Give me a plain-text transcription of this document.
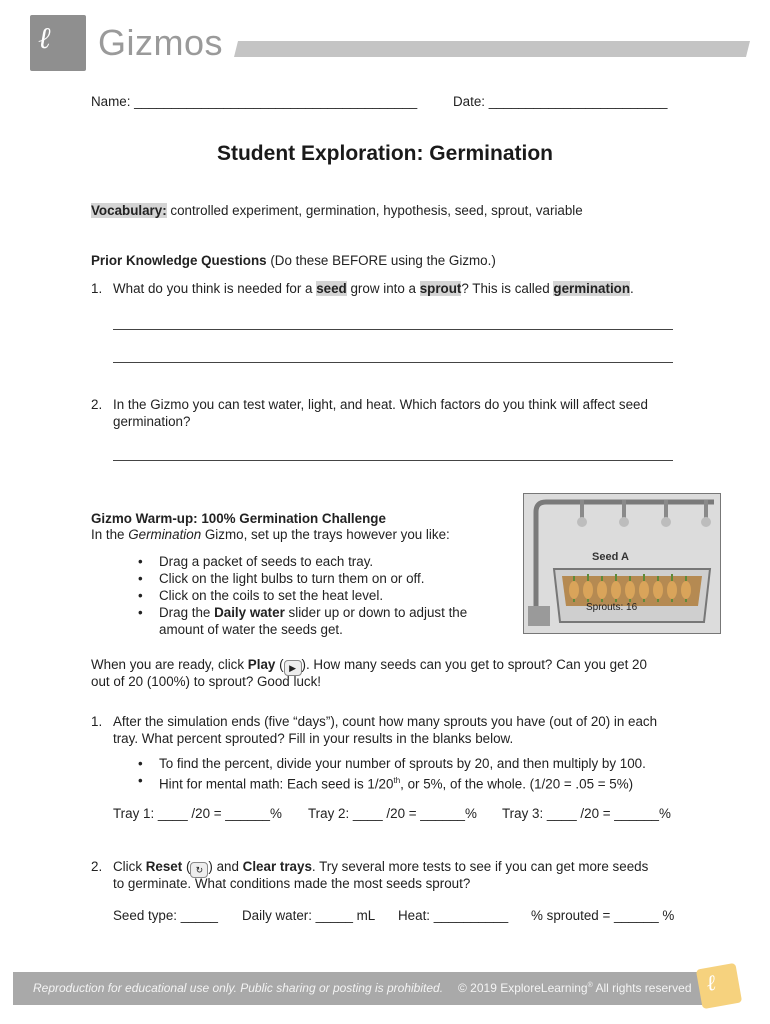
ℓ Gizmos
Name: ______________________________________	Date: ________________________
Student Exploration: Germination
Vocabulary: controlled experiment, germination, hypothesis, seed, sprout, variable
Prior Knowledge Questions (Do these BEFORE using the Gizmo.)
1. What do you think is needed for a seed grow into a sprout? This is called germination.
2. In the Gizmo you can test water, light, and heat. Which factors do you think will affect seed
germination?
Gizmo Warm-up: 100% Germination Challenge
In the Germination Gizmo, set up the trays however you like:
• Drag a packet of seeds to each tray.
• Click on the light bulbs to turn them on or off.
• Click on the coils to set the heat level.
• Drag the Daily water slider up or down to adjust the
amount of water the seeds get.
Seed A
Sprouts: 16
When you are ready, click Play ( ▶ ). How many seeds can you get to sprout? Can you get 20
out of 20 (100%) to sprout? Good luck!
1. After the simulation ends (five “days”), count how many sprouts you have (out of 20) in each
tray. What percent sprouted? Fill in your results in the blanks below.
• To find the percent, divide your number of sprouts by 20, and then multiply by 100.
• Hint for mental math: Each seed is 1/20th, or 5%, of the whole. (1/20 = .05 = 5%)
Tray 1: ____ /20 = ______% Tray 2: ____ /20 = ______% Tray 3: ____ /20 = ______%
2. Click Reset ( ↻ ) and Clear trays. Try several more tests to see if you can get more seeds
to germinate. What conditions made the most seeds sprout?
Seed type: _____ Daily water: _____ mL Heat: __________ % sprouted = ______ %
Reproduction for educational use only. Public sharing or posting is prohibited. © 2019 ExploreLearning® All rights reserved ℓ
